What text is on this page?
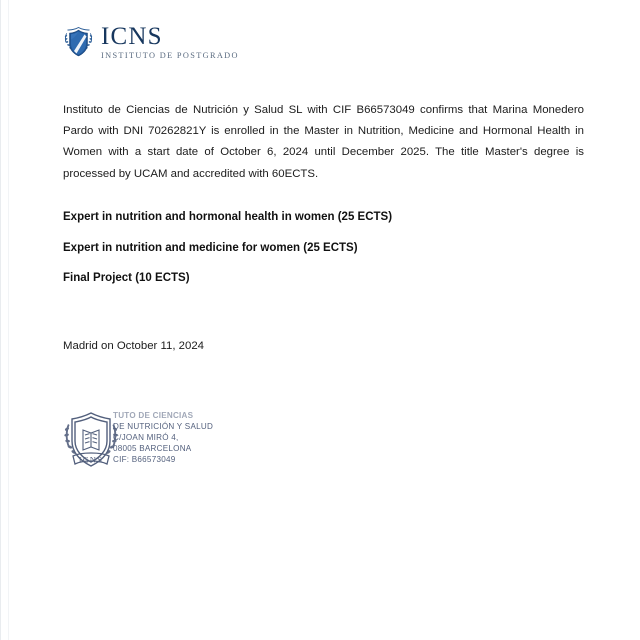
ICNS
INSTITUTO DE POSTGRADO

Instituto de Ciencias de Nutrición y Salud SL with CIF B66573049 confirms that Marina Monedero Pardo with DNI 70262821Y is enrolled in the Master in Nutrition, Medicine and Hormonal Health in Women with a start date of October 6, 2024 until December 2025. The title Master's degree is processed by UCAM and accredited with 60ECTS.

Expert in nutrition and hormonal health in women (25 ECTS)
Expert in nutrition and medicine for women (25 ECTS)
Final Project (10 ECTS)
Madrid on October 11, 2024
ICNS
TUTO DE CIENCIAS
DE NUTRICIÓN Y SALUD
C/JOAN MIRÓ 4,
08005 BARCELONA
CIF: B66573049
